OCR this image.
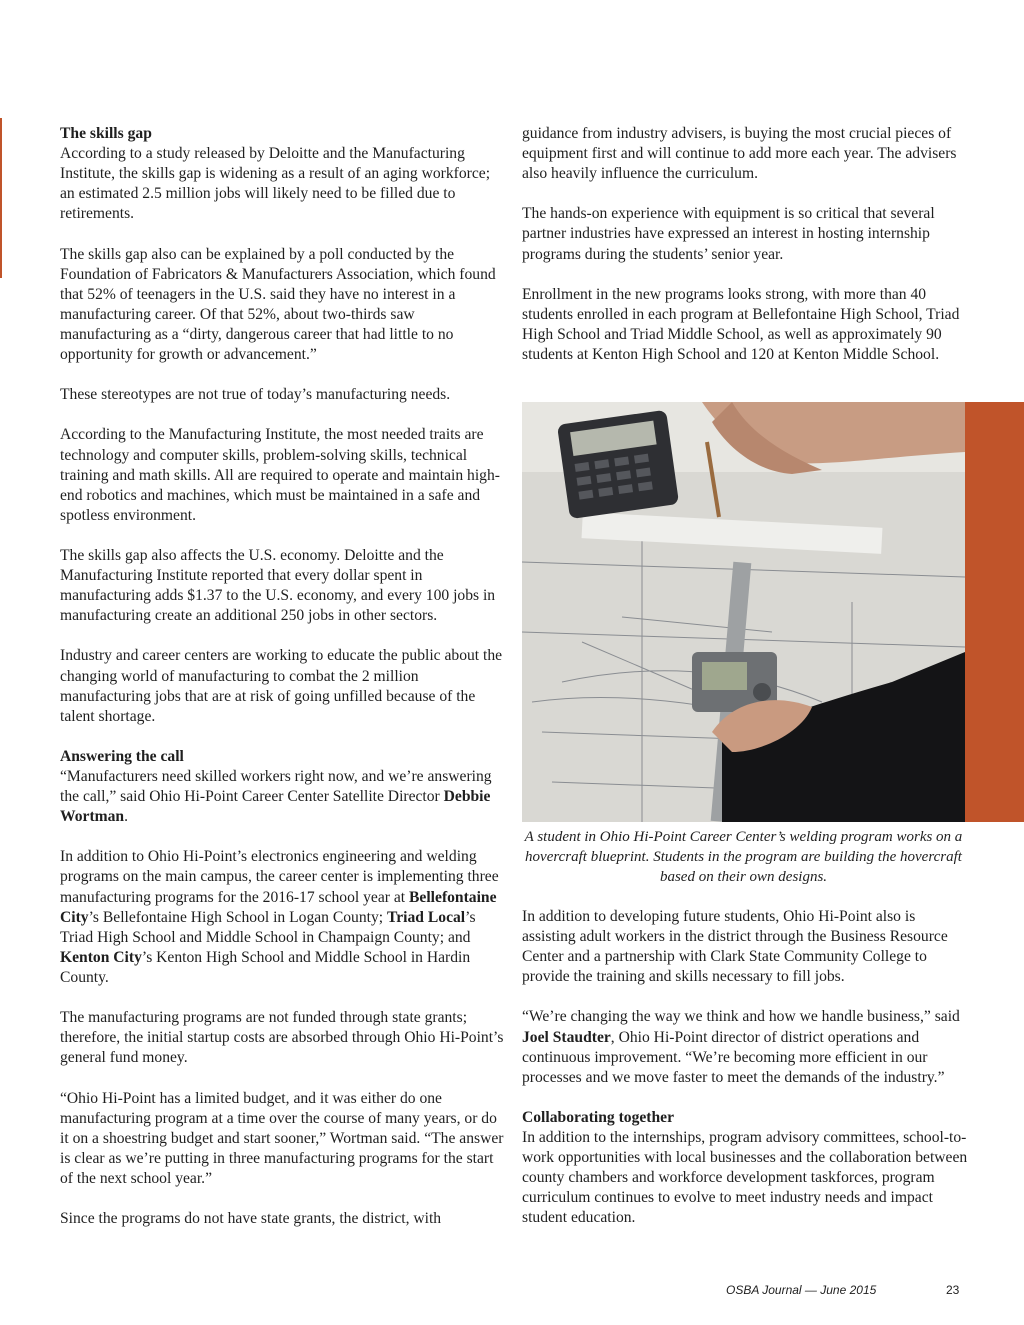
The skills gap
According to a study released by Deloitte and the Manufacturing Institute, the skills gap is widening as a result of an aging workforce; an estimated 2.5 million jobs will likely need to be filled due to retirements.

The skills gap also can be explained by a poll conducted by the Foundation of Fabricators & Manufacturers Association, which found that 52% of teenagers in the U.S. said they have no interest in a manufacturing career. Of that 52%, about two-thirds saw manufacturing as a “dirty, dangerous career that had little to no opportunity for growth or advancement.”

These stereotypes are not true of today’s manufacturing needs.

According to the Manufacturing Institute, the most needed traits are technology and computer skills, problem-solving skills, technical training and math skills. All are required to operate and maintain high-end robotics and machines, which must be maintained in a safe and spotless environment.

The skills gap also affects the U.S. economy. Deloitte and the Manufacturing Institute reported that every dollar spent in manufacturing adds $1.37 to the U.S. economy, and every 100 jobs in manufacturing create an additional 250 jobs in other sectors.

Industry and career centers are working to educate the public about the changing world of manufacturing to combat the 2 million manufacturing jobs that are at risk of going unfilled because of the talent shortage.

Answering the call
“Manufacturers need skilled workers right now, and we’re answering the call,” said Ohio Hi-Point Career Center Satellite Director Debbie Wortman.

In addition to Ohio Hi-Point’s electronics engineering and welding programs on the main campus, the career center is implementing three manufacturing programs for the 2016-17 school year at Bellefontaine City’s Bellefontaine High School in Logan County; Triad Local’s Triad High School and Middle School in Champaign County; and Kenton City’s Kenton High School and Middle School in Hardin County.

The manufacturing programs are not funded through state grants; therefore, the initial startup costs are absorbed through Ohio Hi-Point’s general fund money.

“Ohio Hi-Point has a limited budget, and it was either do one manufacturing program at a time over the course of many years, or do it on a shoestring budget and start sooner,” Wortman said. “The answer is clear as we’re putting in three manufacturing programs for the start of the next school year.”

Since the programs do not have state grants, the district, with

guidance from industry advisers, is buying the most crucial pieces of equipment first and will continue to add more each year. The advisers also heavily influence the curriculum.

The hands-on experience with equipment is so critical that several partner industries have expressed an interest in hosting internship programs during the students’ senior year.

Enrollment in the new programs looks strong, with more than 40 students enrolled in each program at Bellefontaine High School, Triad High School and Triad Middle School, as well as approximately 90 students at Kenton High School and 120 at Kenton Middle School.

A student in Ohio Hi-Point Career Center’s welding program works on a hovercraft blueprint. Students in the program are building the hovercraft based on their own designs.

In addition to developing future students, Ohio Hi-Point also is assisting adult workers in the district through the Business Resource Center and a partnership with Clark State Community College to provide the training and skills necessary to fill jobs.

“We’re changing the way we think and how we handle business,” said Joel Staudter, Ohio Hi-Point director of district operations and continuous improvement. “We’re becoming more efficient in our processes and we move faster to meet the demands of the industry.”

Collaborating together
In addition to the internships, program advisory committees, school-to-work opportunities with local businesses and the collaboration between county chambers and workforce development taskforces, program curriculum continues to evolve to meet industry needs and impact student education.

OSBA Journal — June 2015	23
